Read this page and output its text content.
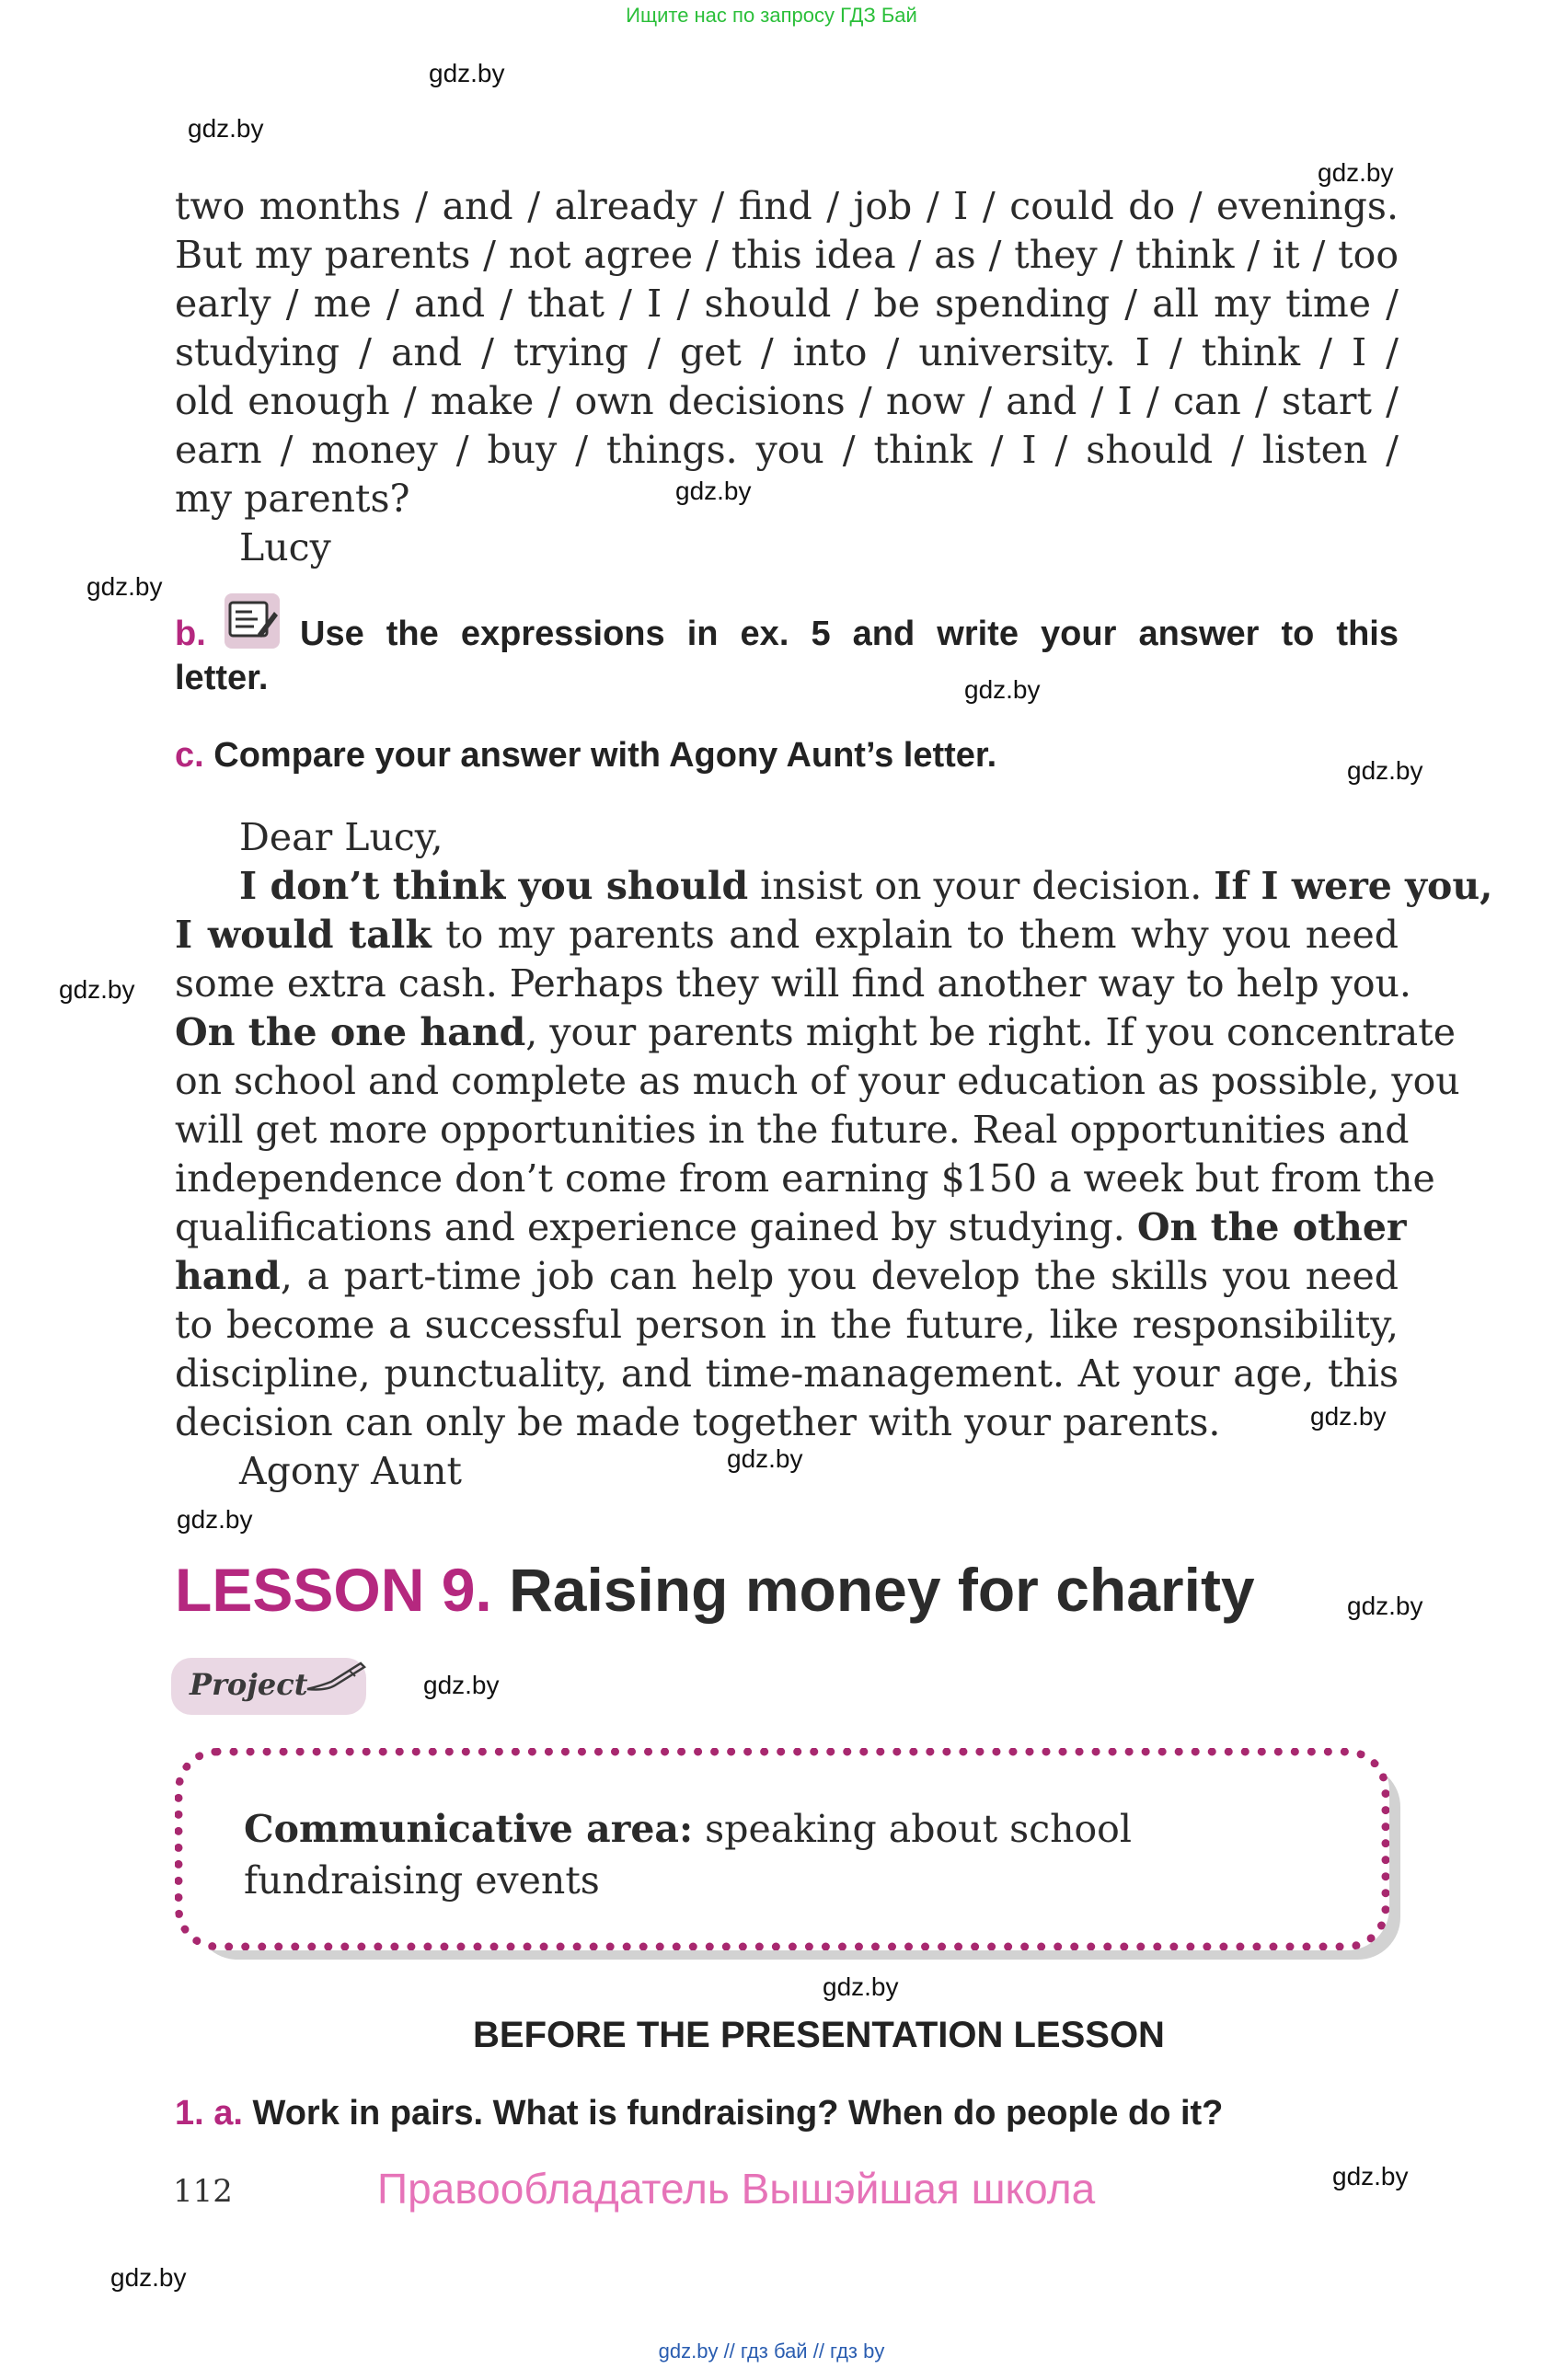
Ищите нас по запросу ГДЗ Бай
gdz.by
gdz.by
gdz.by
gdz.by
gdz.by
gdz.by
gdz.by
gdz.by
gdz.by
gdz.by
gdz.by
gdz.by
gdz.by
gdz.by
gdz.by
gdz.by
two months / and / already / find / job / I / could do / evenings.
But my parents / not agree / this idea / as / they / think / it / too
early / me / and / that / I / should / be spending / all my time /
studying / and / trying / get / into / university. I / think / I /
old enough / make / own decisions / now / and / I / can / start /
earn / money / buy / things. you / think / I / should / listen /
my parents?
Lucy
b.	Use the expressions in ex. 5 and write your answer to this
letter.
c. Compare your answer with Agony Aunt’s letter.
Dear Lucy,
I don’t think you should insist on your decision. If I were you,
I would talk to my parents and explain to them why you need
some extra cash. Perhaps they will find another way to help you.
On the one hand, your parents might be right. If you concentrate
on school and complete as much of your education as possible, you
will get more opportunities in the future. Real opportunities and
independence don’t come from earning $150 a week but from the
qualifications and experience gained by studying. On the other
hand, a part-time job can help you develop the skills you need
to become a successful person in the future, like responsibility,
discipline, punctuality, and time-management. At your age, this
decision can only be made together with your parents.
Agony Aunt
LESSON 9. Raising money for charity
Project
Communicative area: speaking about school fundraising events
BEFORE THE PRESENTATION LESSON
1. a. Work in pairs. What is fundraising? When do people do it?
112	Правообладатель Вышэйшая школа
gdz.by // гдз бай // гдз by
